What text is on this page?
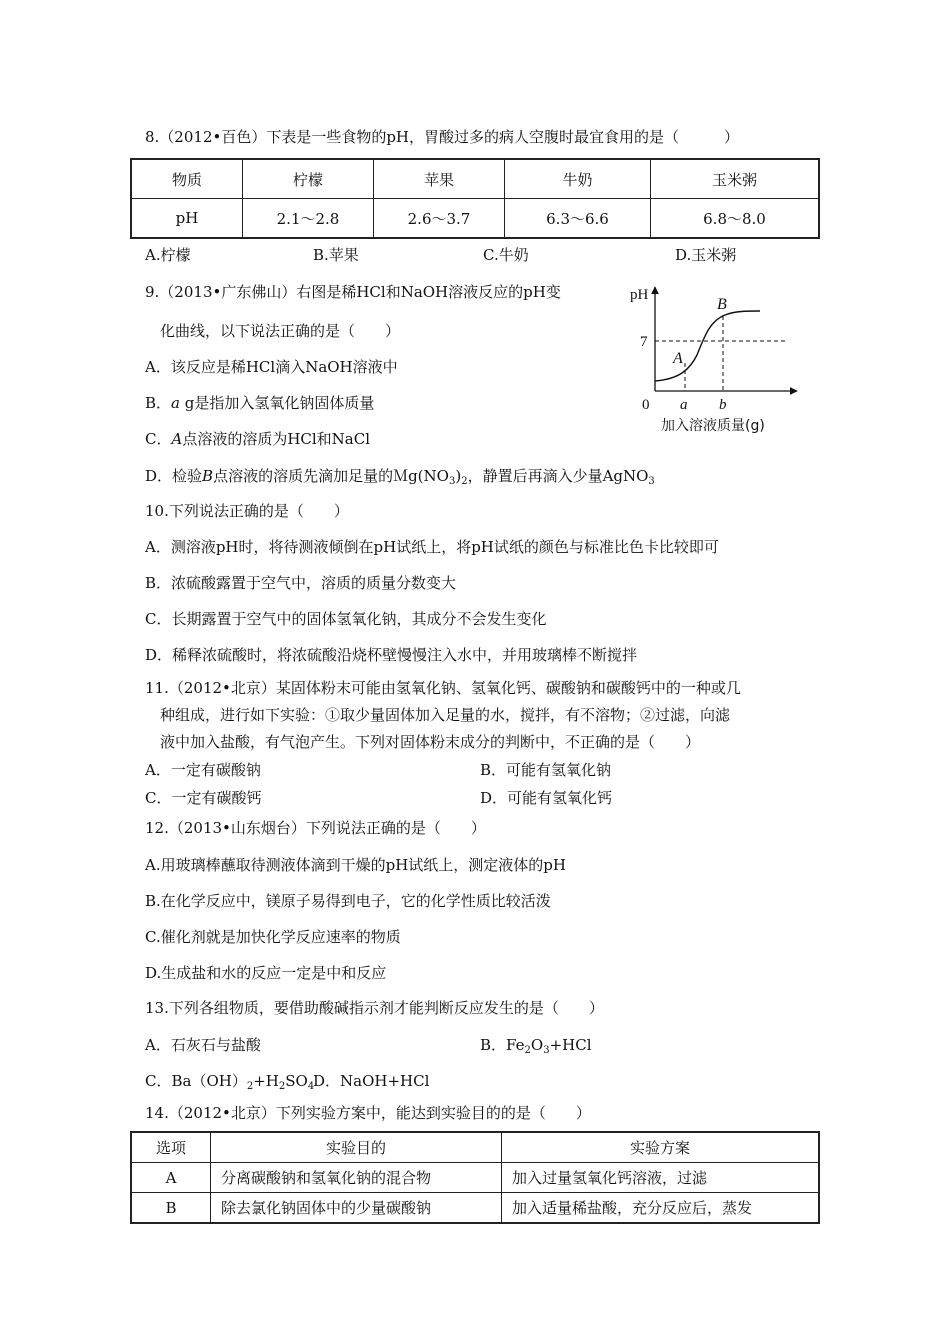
8.（2012•百色）下表是一些食物的pH，胃酸过多的病人空腹时最宜食用的是（　　　）
物质	柠檬	苹果	牛奶	玉米粥
pH	2.1～2.8	2.6～3.7	6.3～6.6	6.8～8.0
A.柠檬	B.苹果	C.牛奶	D.玉米粥
9.（2013•广东佛山）右图是稀HCl和NaOH溶液反应的pH变
化曲线，以下说法正确的是（　　）
A．该反应是稀HCl滴入NaOH溶液中
B．a g是指加入氢氧化钠固体质量
C．A点溶液的溶质为HCl和NaCl
D．检验B点溶液的溶质先滴加足量的$Mg(NO_3)_2$，静置后再滴入少量AgNO$_3$
pH
7
0 a b
A
B
加入溶液质量(g)
10.下列说法正确的是（　　）
A．测溶液pH时，将待测液倾倒在pH试纸上，将pH试纸的颜色与标准比色卡比较即可
B．浓硫酸露置于空气中，溶质的质量分数变大
C．长期露置于空气中的固体氢氧化钠，其成分不会发生变化
D．稀释浓硫酸时，将浓硫酸沿烧杯壁慢慢注入水中，并用玻璃棒不断搅拌
11.（2012•北京）某固体粉末可能由氢氧化钠、氢氧化钙、碳酸钠和碳酸钙中的一种或几
种组成，进行如下实验：①取少量固体加入足量的水，搅拌，有不溶物；②过滤，向滤
液中加入盐酸，有气泡产生。下列对固体粉末成分的判断中，不正确的是（　　）
A．一定有碳酸钠	B．可能有氢氧化钠
C．一定有碳酸钙	D．可能有氢氧化钙
12.（2013•山东烟台）下列说法正确的是（　　）
A.用玻璃棒蘸取待测液体滴到干燥的pH试纸上，测定液体的pH
B.在化学反应中，镁原子易得到电子，它的化学性质比较活泼
C.催化剂就是加快化学反应速率的物质
D.生成盐和水的反应一定是中和反应
13.下列各组物质，要借助酸碱指示剂才能判断反应发生的是（　　）
A．石灰石与盐酸	B．$Fe_2O_3+HCl$
C．$Ba(OH)_2+H_2SO_4$
D．NaOH+HCl
14.（2012•北京）下列实验方案中，能达到实验目的的是（　　）
选项	实验目的	实验方案
A	分离碳酸钠和氢氧化钠的混合物	加入过量氢氧化钙溶液，过滤
B	除去氯化钠固体中的少量碳酸钠	加入适量稀盐酸，充分反应后，蒸发
